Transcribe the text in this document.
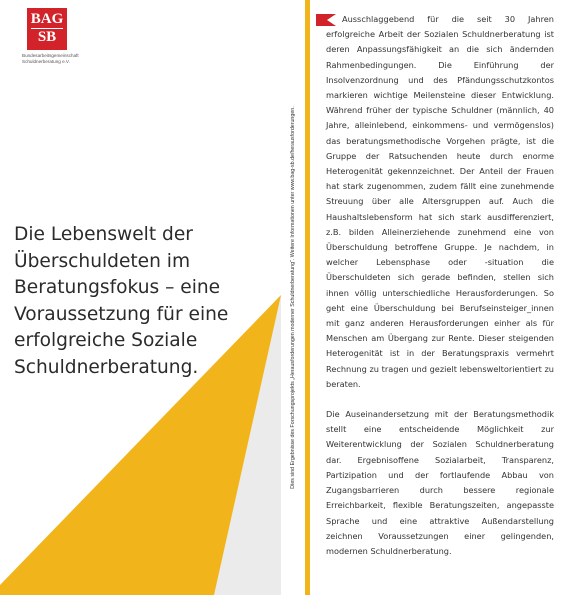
BAG
SB
Bundesarbeitsgemeinschaft Schuldnerberatung e.V.
Die Lebenswelt der Überschuldeten im Beratungsfokus – eine Voraussetzung für eine erfolgreiche Soziale Schuldnerberatung.	Dies sind Ergebnisse des Forschungsprojekts „Herausforderungen moderner Schuldnerberatung“. Weitere Informationen unter www.bag-sb.de/herausforderungen.

Ausschlaggebend für die seit 30 Jahren erfolgreiche Arbeit der Sozialen Schuldnerberatung ist deren Anpassungsfähigkeit an die sich ändernden Rahmenbedingungen. Die Einführung der Insolvenzordnung und des Pfändungsschutzkontos markieren wichtige Meilensteine dieser Entwicklung. Während früher der typische Schuldner (männlich, 40 Jahre, alleinlebend, einkommens- und vermögenslos) das beratungsmethodische Vorgehen prägte, ist die Gruppe der Ratsuchenden heute durch enorme Heterogenität gekennzeichnet. Der Anteil der Frauen hat stark zugenommen, zudem fällt eine zunehmende Streuung über alle Altersgruppen auf. Auch die Haushaltslebensform hat sich stark ausdifferenziert, z.B. bilden Alleinerziehende zunehmend eine von Überschuldung betroffene Gruppe. Je nachdem, in welcher Lebensphase oder -situation die Überschuldeten sich gerade befinden, stellen sich ihnen völlig unterschiedliche Herausforderungen. So geht eine Überschuldung bei Berufseinsteiger_innen mit ganz anderen Herausforderungen einher als für Menschen am Übergang zur Rente. Dieser steigenden Heterogenität ist in der Beratungspraxis vermehrt Rechnung zu tragen und gezielt lebensweltorientiert zu beraten.

Die Auseinandersetzung mit der Beratungsmethodik stellt eine entscheidende Möglichkeit zur Weiterentwicklung der Sozialen Schuldnerberatung dar. Ergebnisoffene Sozialarbeit, Transparenz, Partizipation und der fortlaufende Abbau von Zugangsbarrieren durch bessere regionale Erreichbarkeit, flexible Beratungszeiten, angepasste Sprache und eine attraktive Außendarstellung zeichnen Voraussetzungen einer gelingenden, modernen Schuldnerberatung.
